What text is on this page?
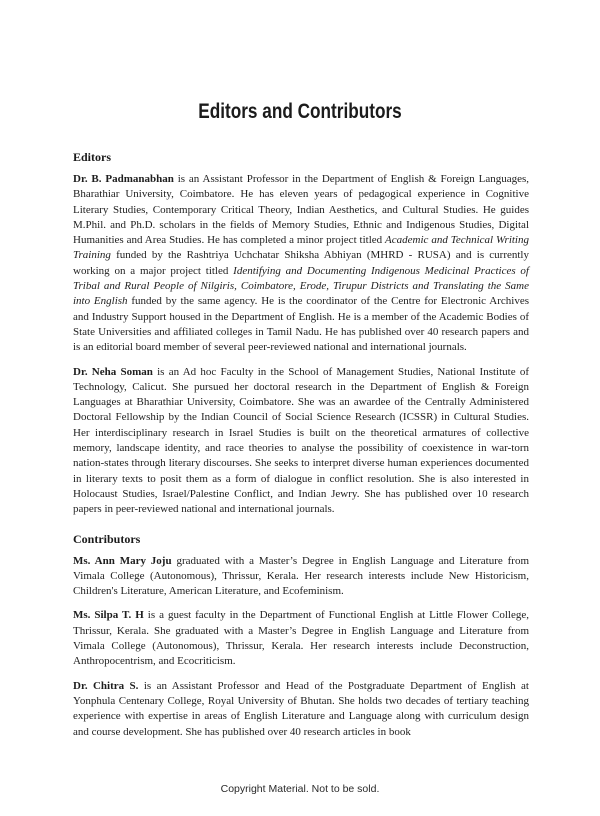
Editors and Contributors
Editors

Dr. B. Padmanabhan is an Assistant Professor in the Department of English & Foreign Languages, Bharathiar University, Coimbatore. He has eleven years of pedagogical experience in Cognitive Literary Studies, Contemporary Critical Theory, Indian Aesthetics, and Cultural Studies. He guides M.Phil. and Ph.D. scholars in the fields of Memory Studies, Ethnic and Indigenous Studies, Digital Humanities and Area Studies. He has completed a minor project titled Academic and Technical Writing Training funded by the Rashtriya Uchchatar Shiksha Abhiyan (MHRD - RUSA) and is currently working on a major project titled Identifying and Documenting Indigenous Medicinal Practices of Tribal and Rural People of Nilgiris, Coimbatore, Erode, Tirupur Districts and Translating the Same into English funded by the same agency. He is the coordinator of the Centre for Electronic Archives and Industry Support housed in the Department of English. He is a member of the Academic Bodies of State Universities and affiliated colleges in Tamil Nadu. He has published over 40 research papers and is an editorial board member of several peer-reviewed national and international journals.

Dr. Neha Soman is an Ad hoc Faculty in the School of Management Studies, National Institute of Technology, Calicut. She pursued her doctoral research in the Department of English & Foreign Languages at Bharathiar University, Coimbatore. She was an awardee of the Centrally Administered Doctoral Fellowship by the Indian Council of Social Science Research (ICSSR) in Cultural Studies. Her interdisciplinary research in Israel Studies is built on the theoretical armatures of collective memory, landscape identity, and race theories to analyse the possibility of coexistence in war-torn nation-states through literary discourses. She seeks to interpret diverse human experiences documented in literary texts to posit them as a form of dialogue in conflict resolution. She is also interested in Holocaust Studies, Israel/Palestine Conflict, and Indian Jewry. She has published over 10 research papers in peer-reviewed national and international journals.

Contributors

Ms. Ann Mary Joju graduated with a Master’s Degree in English Language and Literature from Vimala College (Autonomous), Thrissur, Kerala. Her research interests include New Historicism, Children's Literature, American Literature, and Ecofeminism.

Ms. Silpa T. H is a guest faculty in the Department of Functional English at Little Flower College, Thrissur, Kerala. She graduated with a Master’s Degree in English Language and Literature from Vimala College (Autonomous), Thrissur, Kerala. Her research interests include Deconstruction, Anthropocentrism, and Ecocriticism.

Dr. Chitra S. is an Assistant Professor and Head of the Postgraduate Department of English at Yonphula Centenary College, Royal University of Bhutan. She holds two decades of tertiary teaching experience with expertise in areas of English Literature and Language along with curriculum design and course development. She has published over 40 research articles in book

Copyright Material. Not to be sold.
